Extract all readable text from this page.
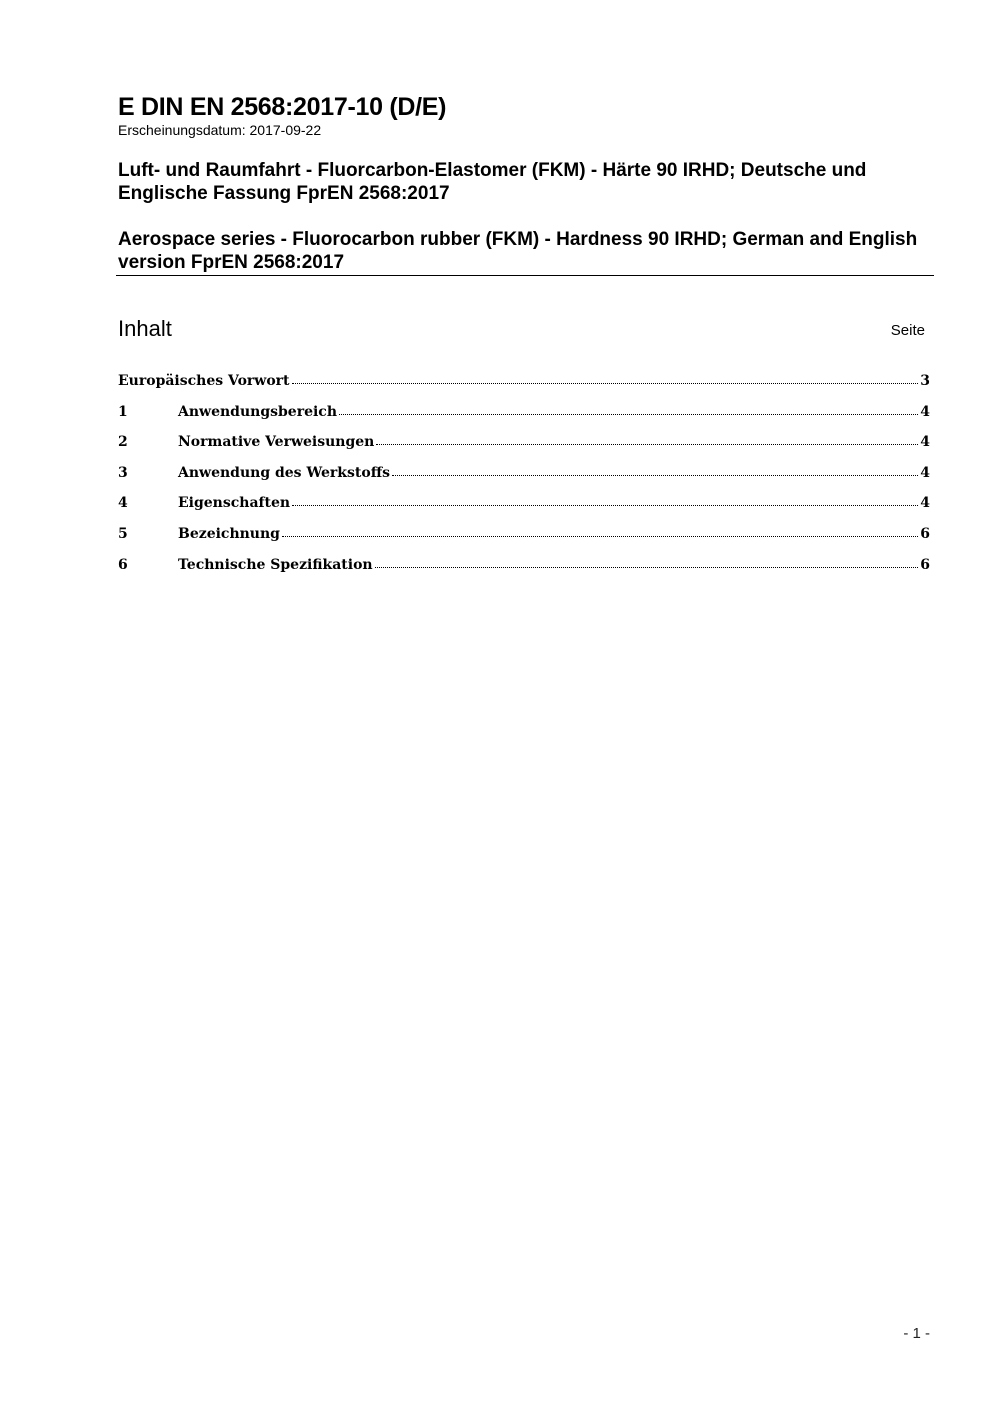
E DIN EN 2568:2017-10 (D/E)
Erscheinungsdatum: 2017-09-22

Luft- und Raumfahrt - Fluorcarbon-Elastomer (FKM) - Härte 90 IRHD; Deutsche und Englische Fassung FprEN 2568:2017

Aerospace series - Fluorocarbon rubber (FKM) - Hardness 90 IRHD; German and English version FprEN 2568:2017

Inhalt	Seite
Europäisches Vorwort	3
1	Anwendungsbereich	4
2	Normative Verweisungen	4
3	Anwendung des Werkstoffs	4
4	Eigenschaften	4
5	Bezeichnung	6
6	Technische Spezifikation	6
- 1 -
